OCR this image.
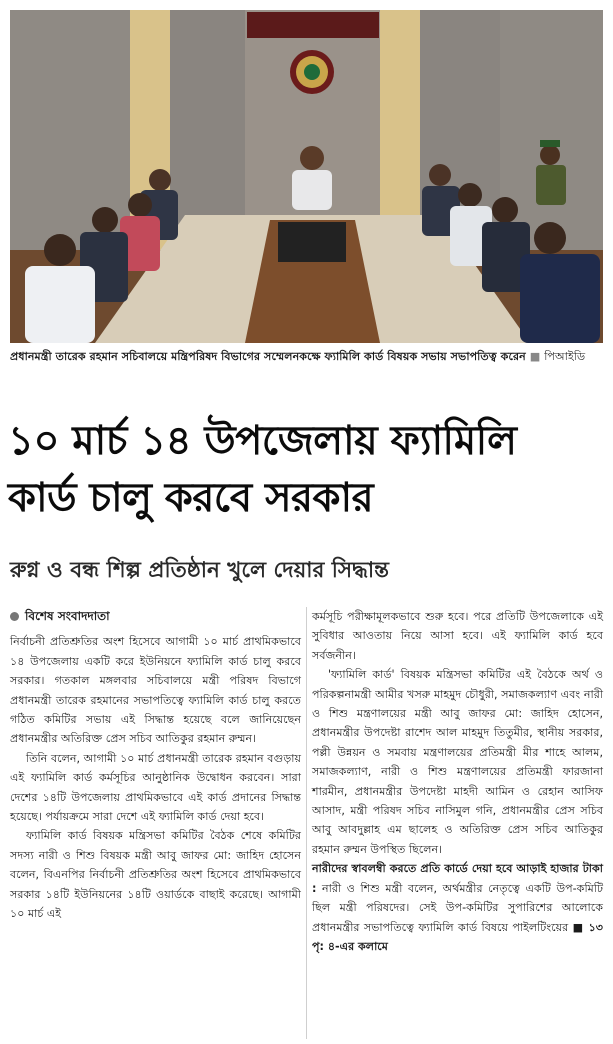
প্রধানমন্ত্রী তারেক রহমান সচিবালয়ে মন্ত্রিপরিষদ বিভাগের সম্মেলনকক্ষে ফ্যামিলি কার্ড বিষয়ক সভায় সভাপতিত্ব করেন ■ পিআইডি
১০ মার্চ ১৪ উপজেলায় ফ্যামিলি
কার্ড চালু করবে সরকার
রুগ্ন ও বন্ধ শিল্প প্রতিষ্ঠান খুলে দেয়ার সিদ্ধান্ত
বিশেষ সংবাদদাতা

নির্বাচনী প্রতিশ্রুতির অংশ হিসেবে আগামী ১০ মার্চ প্রাথমিকভাবে ১৪ উপজেলায় একটি করে ইউনিয়নে ফ্যামিলি কার্ড চালু করবে সরকার। গতকাল মঙ্গলবার সচিবালয়ে মন্ত্রী পরিষদ বিভাগে প্রধানমন্ত্রী তারেক রহমানের সভাপতিত্বে ফ্যামিলি কার্ড চালু করতে গঠিত কমিটির সভায় এই সিদ্ধান্ত হয়েছে বলে জানিয়েছেন প্রধানমন্ত্রীর অতিরিক্ত প্রেস সচিব আতিকুর রহমান রুম্মন।

তিনি বলেন, আগামী ১০ মার্চ প্রধানমন্ত্রী তারেক রহমান বগুড়ায় এই ফ্যামিলি কার্ড কর্মসূচির আনুষ্ঠানিক উদ্বোধন করবেন। সারা দেশের ১৪টি উপজেলায় প্রাথমিকভাবে এই কার্ড প্রদানের সিদ্ধান্ত হয়েছে। পর্যায়ক্রমে সারা দেশে এই ফ্যামিলি কার্ড দেয়া হবে।

ফ্যামিলি কার্ড বিষয়ক মন্ত্রিসভা কমিটির বৈঠক শেষে কমিটির সদস্য নারী ও শিশু বিষয়ক মন্ত্রী আবু জাফর মো: জাহিদ হোসেন বলেন, বিএনপির নির্বাচনী প্রতিশ্রুতির অংশ হিসেবে প্রাথমিকভাবে সরকার ১৪টি ইউনিয়নের ১৪টি ওয়ার্ডকে বাছাই করেছে। আগামী ১০ মার্চ এই

কর্মসূচি পরীক্ষামূলকভাবে শুরু হবে। পরে প্রতিটি উপজেলাকে এই সুবিধার আওতায় নিয়ে আসা হবে। এই ফ্যামিলি কার্ড হবে সর্বজনীন।

'ফ্যামিলি কার্ড' বিষয়ক মন্ত্রিসভা কমিটির এই বৈঠকে অর্থ ও পরিকল্পনামন্ত্রী আমীর খসরু মাহমুদ চৌধুরী, সমাজকল্যাণ এবং নারী ও শিশু মন্ত্রণালয়ের মন্ত্রী আবু জাফর মো: জাহিদ হোসেন, প্রধানমন্ত্রীর উপদেষ্টা রাশেদ আল মাহমুদ তিতুমীর, স্থানীয় সরকার, পল্লী উন্নয়ন ও সমবায় মন্ত্রণালয়ের প্রতিমন্ত্রী মীর শাহে আলম, সমাজকল্যাণ, নারী ও শিশু মন্ত্রণালয়ের প্রতিমন্ত্রী ফারজানা শারমীন, প্রধানমন্ত্রীর উপদেষ্টা মাহদী আমিন ও রেহান আসিফ আসাদ, মন্ত্রী পরিষদ সচিব নাসিমুল গনি, প্রধানমন্ত্রীর প্রেস সচিব আবু আবদুল্লাহ এম ছালেহ ও অতিরিক্ত প্রেস সচিব আতিকুর রহমান রুম্মন উপস্থিত ছিলেন।

নারীদের স্বাবলম্বী করতে প্রতি কার্ডে দেয়া হবে আড়াই হাজার টাকা : নারী ও শিশু মন্ত্রী বলেন, অর্থমন্ত্রীর নেতৃত্বে একটি উপ-কমিটি ছিল মন্ত্রী পরিষদের। সেই উপ-কমিটির সুপারিশের আলোকে প্রধানমন্ত্রীর সভাপতিত্বে ফ্যামিলি কার্ড বিষয়ে পাইলটিংয়ের ■ ১৩ পৃ: ৪-এর কলামে
